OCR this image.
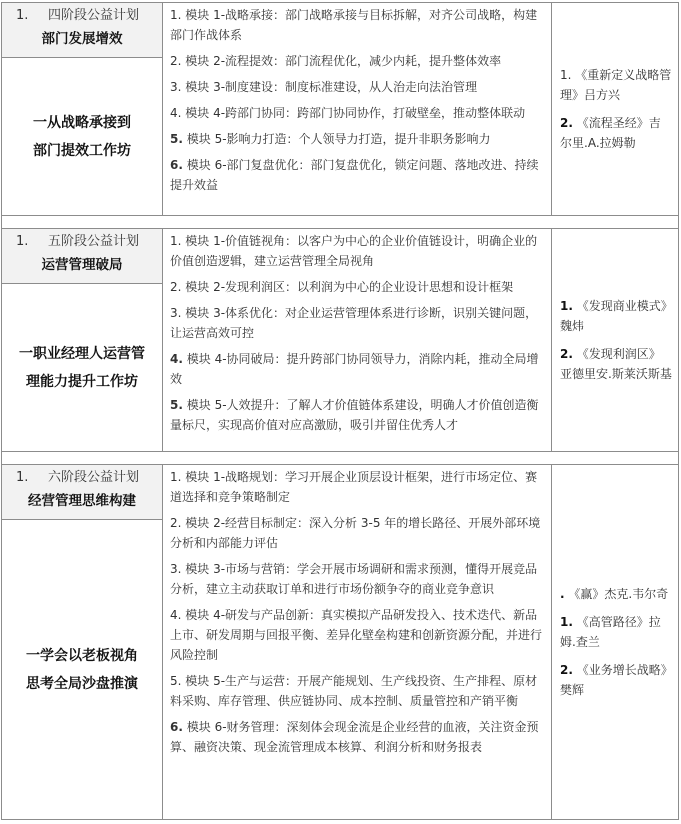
1. 四阶段公益计划
部门发展增效
一从战略承接到
部门提效工作坊
1. 模块 1-战略承接：部门战略承接与目标拆解，对齐公司战略，构建部门作战体系
2. 模块 2-流程提效：部门流程优化，减少内耗，提升整体效率
3. 模块 3-制度建设：制度标准建设，从人治走向法治管理
4. 模块 4-跨部门协同：跨部门协同协作，打破壁垒，推动整体联动
5. 模块 5-影响力打造：个人领导力打造，提升非职务影响力
6. 模块 6-部门复盘优化：部门复盘优化，锁定问题、落地改进、持续提升效益
1. 《重新定义战略管理》吕方兴
2. 《流程圣经》吉尔里.A.拉姆勒
1. 五阶段公益计划
运营管理破局
一职业经理人运营管
理能力提升工作坊
1. 模块 1-价值链视角：以客户为中心的企业价值链设计，明确企业的价值创造逻辑，建立运营管理全局视角
2. 模块 2-发现利润区：以利润为中心的企业设计思想和设计框架
3. 模块 3-体系优化：对企业运营管理体系进行诊断，识别关键问题，让运营高效可控
4. 模块 4-协同破局：提升跨部门协同领导力，消除内耗，推动全局增效
5. 模块 5-人效提升：了解人才价值链体系建设，明确人才价值创造衡量标尺，实现高价值对应高激励，吸引并留住优秀人才
1. 《发现商业模式》魏炜
2. 《发现利润区》亚德里安.斯莱沃斯基
1. 六阶段公益计划
经营管理思维构建
一学会以老板视角
思考全局沙盘推演
1. 模块 1-战略规划：学习开展企业顶层设计框架，进行市场定位、赛道选择和竞争策略制定
2. 模块 2-经营目标制定：深入分析 3-5 年的增长路径、开展外部环境分析和内部能力评估
3. 模块 3-市场与营销：学会开展市场调研和需求预测，懂得开展竞品分析，建立主动获取订单和进行市场份额争夺的商业竞争意识
4. 模块 4-研发与产品创新：真实模拟产品研发投入、技术迭代、新品上市、研发周期与回报平衡、差异化壁垒构建和创新资源分配，并进行风险控制
5. 模块 5-生产与运营：开展产能规划、生产线投资、生产排程、原材料采购、库存管理、供应链协同、成本控制、质量管控和产销平衡
6. 模块 6-财务管理：深刻体会现金流是企业经营的血液，关注资金预算、融资决策、现金流管理成本核算、利润分析和财务报表
. 《赢》杰克.韦尔奇
1. 《高管路径》拉姆.查兰
2. 《业务增长战略》樊辉
